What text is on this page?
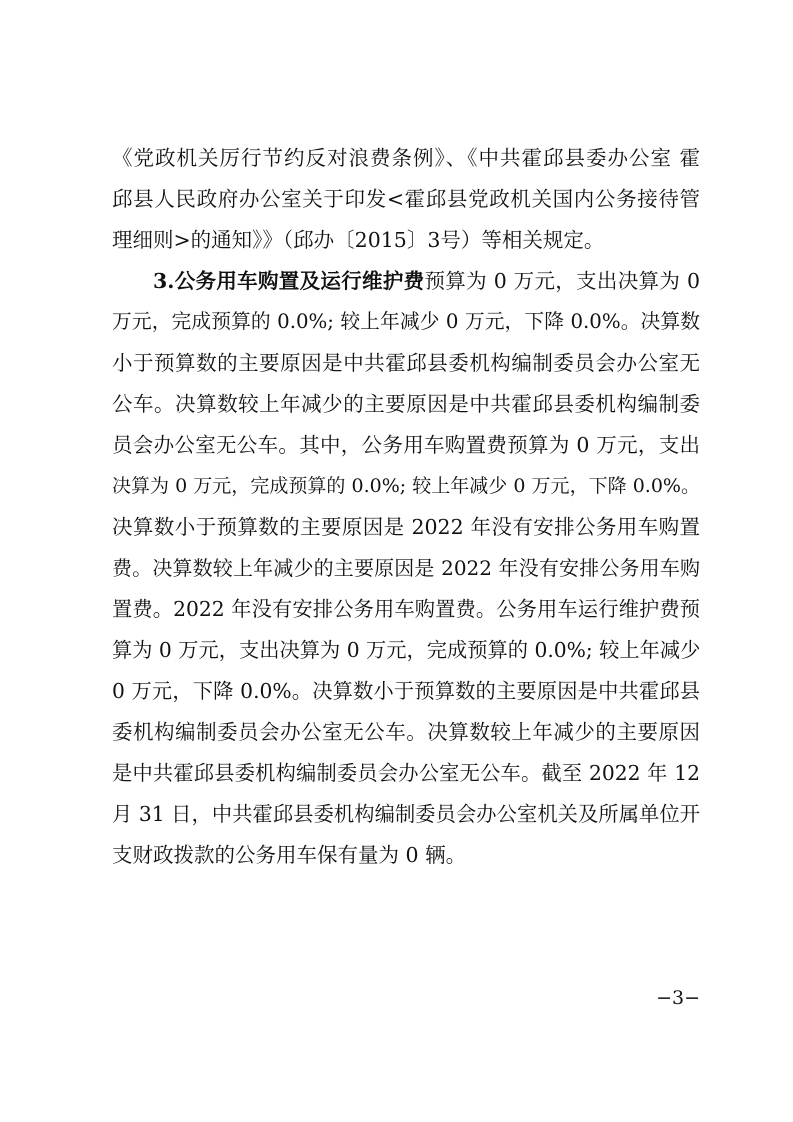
《党政机关厉行节约反对浪费条例》、《中共霍邱县委办公室 霍
邱县人民政府办公室关于印发<霍邱县党政机关国内公务接待管
理细则>的通知》》（邱办〔2015〕3号）等相关规定。
3.公务用车购置及运行维护费预算为 0 万元，支出决算为 0
万元，完成预算的 0.0%; 较上年减少 0 万元，下降 0.0%。决算数
小于预算数的主要原因是中共霍邱县委机构编制委员会办公室无
公车。决算数较上年减少的主要原因是中共霍邱县委机构编制委
员会办公室无公车。其中，公务用车购置费预算为 0 万元，支出
决算为 0 万元，完成预算的 0.0%; 较上年减少 0 万元，下降 0.0%。
决算数小于预算数的主要原因是 2022 年没有安排公务用车购置
费。决算数较上年减少的主要原因是 2022 年没有安排公务用车购
置费。2022 年没有安排公务用车购置费。公务用车运行维护费预
算为 0 万元，支出决算为 0 万元，完成预算的 0.0%; 较上年减少
0 万元，下降 0.0%。决算数小于预算数的主要原因是中共霍邱县
委机构编制委员会办公室无公车。决算数较上年减少的主要原因
是中共霍邱县委机构编制委员会办公室无公车。截至 2022 年 12
月 31 日，中共霍邱县委机构编制委员会办公室机关及所属单位开
支财政拨款的公务用车保有量为 0 辆。
−3−
